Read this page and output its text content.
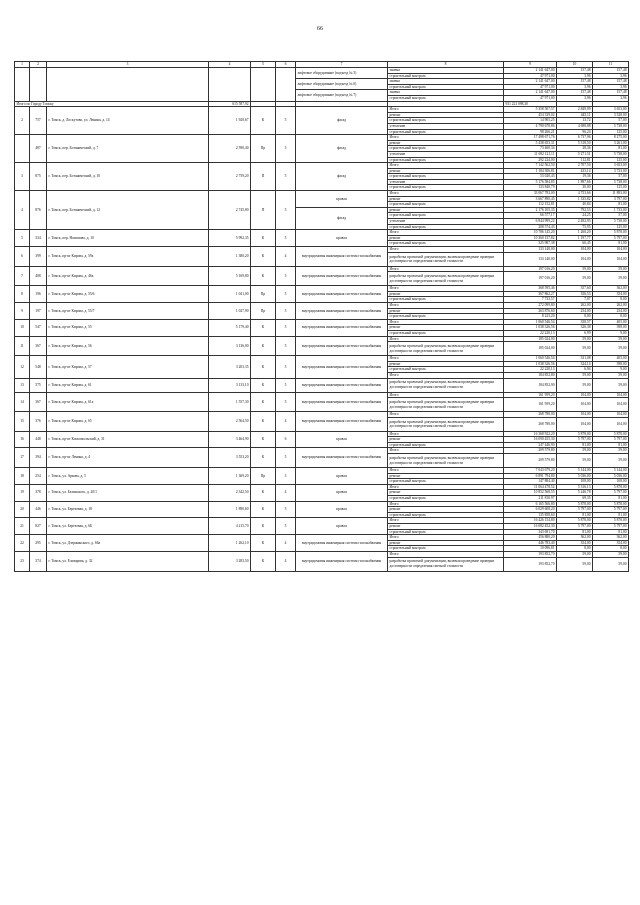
66
1	2	3	4	5	6	7	8	9	10	11
						лифтовое оборудование (подъезд № 5)	замена	2 141 647,00	157,48	157,48
							строительный контроль	47 971,00	3,96	3,96
						лифтовое оборудование (подъезд № 6)	замена	2 141 647,00	157,48	157,48
							строительный контроль	47 971,00	3,96	3,96
						лифтовое оборудование (подъезд № 7)	замена	2 141 647,00	157,48	157,48
							строительный контроль	47 971,00	3,96	3,96
Итого по Городу Томску			615 587,92					931 221 098,30		
2	757	г. Томск, д. Лоскутово, ул. Ленина, д. 14	1 920,67	К	5	фасад	Итого	5 358 507,57	2 849,99	3 653,00
							ремонт	454 339,02	445,11	3 528,00
							строительный контроль	14 905,25	13,72	57,00
							утепление	4 790 678,86	4 698,88	5 738,00
							строительный контроль	98 266,21	96,24	125,00
	487	г. Томск, пер. Ботанический, д. 7	2 590,40	Пр	5	фасад	Итого	17 498 671,76	6 737,96	8 275,00
							ремонт	5 438 653,31	5 318,50	3 261,00
							строительный контроль	73 460,34	28,36	81,00
							утепление	11 692 121,11	5 271,51	5 738,00
							строительный контроль	292 224,00	112,81	125,00
3	875	г. Томск, пер. Ботанический, д. 10	2 759,20	П	5	фасад	Итого	7 142 562,50	2 707,50	3 653,00
							ремонт	1 184 306,81	433,14	3 733,00
							строительный контроль	53 020,43	19,36	57,00
							утепление	5 176 584,85	1 897,66	5 738,00
							строительный контроль	133 840,79	30,00	125,00
4	876	г. Томск, пер. Ботанический, д. 12	2 745,80	П	5	кровля	Итого	33 067 783,00	4 753,66	11 893,00
							ремонт	3 667 890,45	1 335,82	3 797,00
							строительный контроль	112 152,81	40,84	81,00
						фасад	ремонт	2 176 105,35	792,53	1 733,00
							строительный контроль	66 577,17	24,25	57,00
							утепление	6 844 999,22	2 492,93	5 738,00
							строительный контроль	208 574,43	75,95	125,00
5	334	г. Томск, пер. Нахимова, д. 10	5 992,35	К	5	кровля	Итого	10 786 145,20	1 260,20	5 878,00
							ремонт	10 360 157,82	1 197,77	5 797,00
							строительный контроль	325 987,38	60,45	81,00
6	399	г. Томск, пр-кт Кирова, д. 59а	1 380,20	К	4	внутридомовая инженерная система газоснабжения	Итого	133 140,00	104,00	104,00
							разработка проектной документации, включая проведение проверки достоверности определения сметной стоимости	133 140,00	104,00	104,00
7	408	г. Томск, пр-кт Кирова, д. 46а	5 169,80	К	5	внутридомовая инженерная система газоснабжения	Итого	197 016,20	59,00	59,00
							разработка проектной документации, включая проведение проверки достоверности определения сметной стоимости	197 016,20	59,00	59,00
8	196	г. Томск, пр-кт Кирова, д. 55/6	1 041,00	Пр	5	внутридомовая инженерная система газоснабжения	Итого	368 595,46	357,60	362,00
							ремонт	367 862,27	356,53	354,00
							строительный контроль	7 733,57	7,07	8,00
9	197	г. Томск, пр-кт Кирова, д. 55/7	1 027,90	Пр	5	внутридомовая инженерная система газоснабжения	Итого	272 099,80	262,00	262,00
							ремонт	263 876,60	254,00	254,00
							строительный контроль	8 223,20	8,00	8,00
10	547	г. Томск, пр-кт Кирова, д. 55	5 179,40	К	5	внутридомовая инженерная система газоснабжения	Итого	1 060 546,54	358,57	405,00
							ремонт	1 038 326,56	326,38	398,00
							строительный контроль	22 220,13	6,99	9,00
11	367	г. Томск, пр-кт Кирова, д. 56	3 136,00	К	5	внутридомовая инженерная система газоснабжения	Итого	185 024,00	59,00	59,00
							разработка проектной документации, включая проведение проверки достоверности определения сметной стоимости	185 024,00	59,00	59,00
12	548	г. Томск, пр-кт Кирова, д. 57	3 203,35	К	5	внутридомовая инженерная система газоснабжения	Итого	1 060 546,54	331,08	405,00
							ремонт	1 038 326,56	324,14	398,00
							строительный контроль	22 220,13	6,94	9,00
							Итого	184 852,80	59,00	59,00
13	575	г. Томск, пр-кт Кирова, д. 61	3 133,10	К	5	внутридомовая инженерная система газоснабжения	разработка проектной документации, включая проведение проверки достоверности определения сметной стоимости	184 852,90	59,00	59,00
14	367	г. Томск, пр-кт Кирова, д. 61а	1 557,30	К	5	внутридомовая инженерная система газоснабжения	Итого	161 959,20	104,00	104,00
							разработка проектной документации, включая проведение проверки достоверности определения сметной стоимости	161 959,20	104,00	104,00
15	376	г. Томск, пр-кт Кирова, д. 65	2 564,50	К	4	внутридомовая инженерная система газоснабжения	Итого	268 788,00	104,00	104,00
							разработка проектной документации, включая проведение проверки достоверности определения сметной стоимости	268 788,00	104,00	104,00
16	448	г. Томск, пр-кт Комсомольский, д. 31	3 464,90	К	6	кровля	Итого	16 368 922,20	5 878,00	5 878,00
							ремонт	16 090 455,30	5 797,00	5 797,00
							строительный контроль	247 446,90	81,00	81,00
17	394	г. Томск, пр-кт Ленина, д. 4	3 553,20	К	5	внутридомовая инженерная система газоснабжения	Итого	209 579,80	59,00	59,00
							разработка проектной документации, включая проведение проверки достоверности определения сметной стоимости	209 579,80	59,00	59,00
18	254	г. Томск, ул. Аркова, д. 5	1 369,20	Пр	3	кровля	Итого	7 043 679,20	5 144,00	5 144,00
							ремонт	6 891 794,80	5 036,00	5 036,00
							строительный контроль	147 884,40	108,00	108,00
19	378	г. Томск, ул. Белинского, д. 20/1	2 342,50	К	4	кровля	Итого	11 064 478,52	5 316,13	5 878,00
							ремонт	10 852 568,55	5 246,78	5 797,00
							строительный контроль	211 810,97	69,35	81,00
20	446	г. Томск, ул. Березовая, д. 18	1 890,60	К	5	кровля	Итого	6 165 566,80	5 878,00	5 878,00
							ремонт	6 029 608,20	5 797,00	5 797,00
							строительный контроль	135 858,60	81,00	81,00
21	827	г. Томск, ул. Березовая, д. 6Б	4 215,70	К	5	кровля	Итого	16 426 154,80	5 878,00	5 878,00
							ремонт	16 082 452,30	5 797,00	5 797,00
							строительный контроль	343 691,70	81,00	81,00
22	295	г. Томск, ул. Дзержинского, д. 66а	1 262,10	К	4	внутридомовая инженерная система газоснабжения	Итого	456 880,20	362,00	362,00
							ремонт	446 783,40	354,00	354,00
							строительный контроль	10 096,81	8,00	8,00
23	374	г. Томск, ул. Елизарова, д. 32	3 283,50	К	4	внутридомовая инженерная система газоснабжения	Итого	193 852,70	59,00	59,00
							разработка проектной документации, включая проведение проверки достоверности определения сметной стоимости	193 852,70	59,00	59,00
